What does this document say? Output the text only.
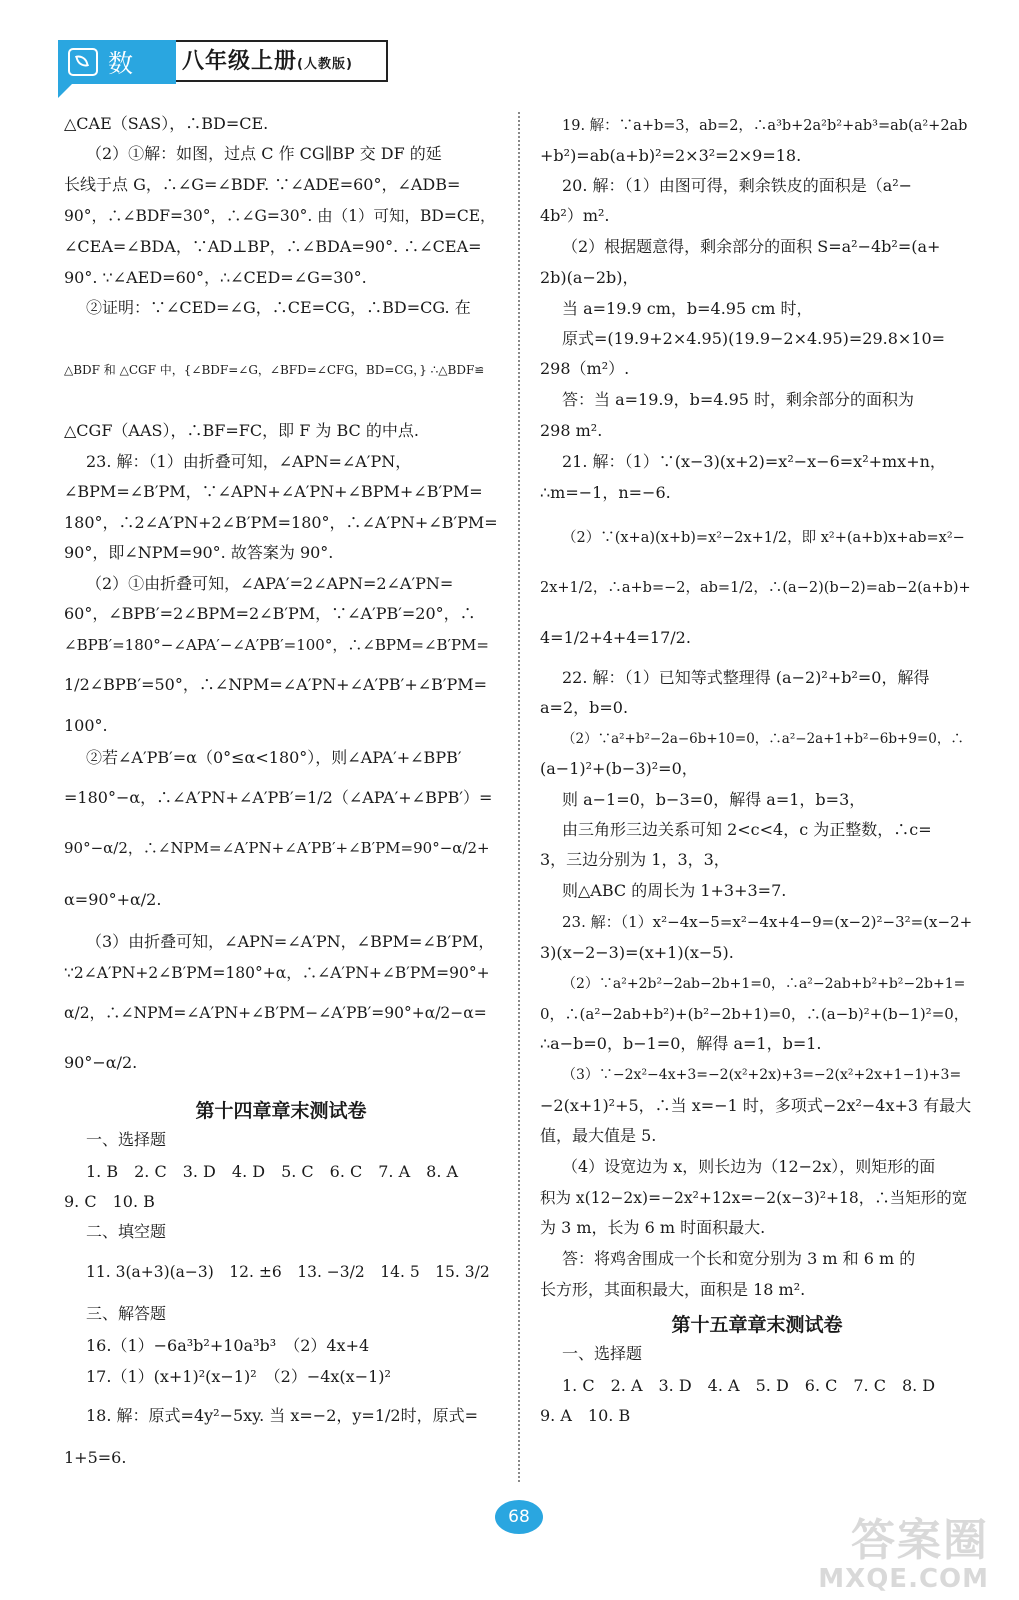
数学
八年级上册(人教版)
△CAE（SAS），∴BD=CE.
（2）①解：如图，过点 C 作 CG∥BP 交 DF 的延
长线于点 G，∴∠G=∠BDF. ∵∠ADE=60°，∠ADB=
90°，∴∠BDF=30°，∴∠G=30°. 由（1）可知，BD=CE，
∠CEA=∠BDA，∵AD⊥BP，∴∠BDA=90°. ∴∠CEA=
90°. ∵∠AED=60°，∴∠CED=∠G=30°.
②证明：∵∠CED=∠G，∴CE=CG，∴BD=CG. 在
△BDF 和 △CGF 中，{∠BDF=∠G，∠BFD=∠CFG，BD=CG，} ∴△BDF≌
△CGF（AAS），∴BF=FC，即 F 为 BC 的中点.
23. 解：（1）由折叠可知，∠APN=∠A′PN，
∠BPM=∠B′PM，∵∠APN+∠A′PN+∠BPM+∠B′PM=
180°，∴2∠A′PN+2∠B′PM=180°，∴∠A′PN+∠B′PM=
90°，即∠NPM=90°. 故答案为 90°.
（2）①由折叠可知，∠APA′=2∠APN=2∠A′PN=
60°，∠BPB′=2∠BPM=2∠B′PM，∵∠A′PB′=20°，∴
∠BPB′=180°−∠APA′−∠A′PB′=100°，∴∠BPM=∠B′PM=
1/2∠BPB′=50°，∴∠NPM=∠A′PN+∠A′PB′+∠B′PM=
100°.
②若∠A′PB′=α（0°≤α<180°），则∠APA′+∠BPB′
=180°−α，∴∠A′PN+∠A′PB′=1/2（∠APA′+∠BPB′）=
90°−α/2，∴∠NPM=∠A′PN+∠A′PB′+∠B′PM=90°−α/2+
α=90°+α/2.
（3）由折叠可知，∠APN=∠A′PN，∠BPM=∠B′PM，
∵2∠A′PN+2∠B′PM=180°+α，∴∠A′PN+∠B′PM=90°+
α/2，∴∠NPM=∠A′PN+∠B′PM−∠A′PB′=90°+α/2−α=
90°−α/2.
第十四章章末测试卷
一、选择题
1. B　2. C　3. D　4. D　5. C　6. C　7. A　8. A
9. C　10. B
二、填空题
11. 3(a+3)(a−3)　12. ±6　13. −3/2　14. 5　15. 3/2
三、解答题
16.（1）−6a³b²+10a³b³　（2）4x+4
17.（1）(x+1)²(x−1)²　（2）−4x(x−1)²
18. 解：原式=4y²−5xy. 当 x=−2，y=1/2时，原式=
1+5=6.
19. 解：∵a+b=3，ab=2，∴a³b+2a²b²+ab³=ab(a²+2ab
+b²)=ab(a+b)²=2×3²=2×9=18.
20. 解：（1）由图可得，剩余铁皮的面积是（a²−
4b²）m².
（2）根据题意得，剩余部分的面积 S=a²−4b²=(a+
2b)(a−2b)，
当 a=19.9 cm，b=4.95 cm 时，
原式=(19.9+2×4.95)(19.9−2×4.95)=29.8×10=
298（m²）.
答：当 a=19.9，b=4.95 时，剩余部分的面积为
298 m².
21. 解：（1）∵(x−3)(x+2)=x²−x−6=x²+mx+n，
∴m=−1，n=−6.
（2）∵(x+a)(x+b)=x²−2x+1/2，即 x²+(a+b)x+ab=x²−
2x+1/2，∴a+b=−2，ab=1/2，∴(a−2)(b−2)=ab−2(a+b)+
4=1/2+4+4=17/2.
22. 解：（1）已知等式整理得 (a−2)²+b²=0，解得
a=2，b=0.
（2）∵a²+b²−2a−6b+10=0，∴a²−2a+1+b²−6b+9=0，∴
(a−1)²+(b−3)²=0，
则 a−1=0，b−3=0，解得 a=1，b=3，
由三角形三边关系可知 2<c<4，c 为正整数，∴c=
3，三边分别为 1，3，3，
则△ABC 的周长为 1+3+3=7.
23. 解：（1）x²−4x−5=x²−4x+4−9=(x−2)²−3²=(x−2+
3)(x−2−3)=(x+1)(x−5).
（2）∵a²+2b²−2ab−2b+1=0，∴a²−2ab+b²+b²−2b+1=
0，∴(a²−2ab+b²)+(b²−2b+1)=0，∴(a−b)²+(b−1)²=0，
∴a−b=0，b−1=0，解得 a=1，b=1.
（3）∵−2x²−4x+3=−2(x²+2x)+3=−2(x²+2x+1−1)+3=
−2(x+1)²+5，∴当 x=−1 时，多项式−2x²−4x+3 有最大
值，最大值是 5.
（4）设宽边为 x，则长边为（12−2x），则矩形的面
积为 x(12−2x)=−2x²+12x=−2(x−3)²+18，∴当矩形的宽
为 3 m，长为 6 m 时面积最大.
答：将鸡舍围成一个长和宽分别为 3 m 和 6 m 的
长方形，其面积最大，面积是 18 m².
第十五章章末测试卷
一、选择题
1. C　2. A　3. D　4. A　5. D　6. C　7. C　8. D
9. A　10. B
68	答案圈
MXQE.COM
